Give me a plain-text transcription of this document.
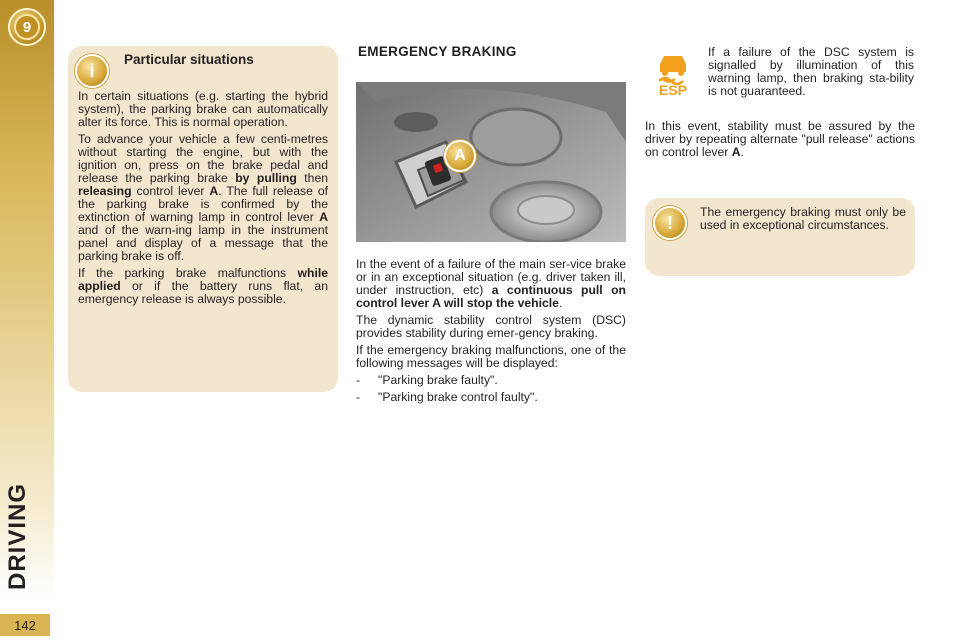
9
DRIVING
142
i
Particular situations

In certain situations (e.g. starting the hybrid system), the parking brake can automatically alter its force. This is normal operation.

To advance your vehicle a few centi-metres without starting the engine, but with the ignition on, press on the brake pedal and release the parking brake by pulling then releasing control lever A. The full release of the parking brake is confirmed by the extinction of warning lamp in control lever A and of the warn-ing lamp in the instrument panel and display of a message that the parking brake is off.

If the parking brake malfunctions while applied or if the battery runs flat, an emergency release is always possible.

EMERGENCY BRAKING
A

In the event of a failure of the main ser-vice brake or in an exceptional situation (e.g. driver taken ill, under instruction, etc) a continuous pull on control lever A will stop the vehicle.

The dynamic stability control system (DSC) provides stability during emer-gency braking.

If the emergency braking malfunctions, one of the following messages will be displayed:

-	"Parking brake faulty".
-	"Parking brake control faulty".
ESP

If a failure of the DSC system is signalled by illumination of this warning lamp, then braking sta-bility is not guaranteed.

In this event, stability must be assured by the driver by repeating alternate "pull release" actions on control lever A.

!

The emergency braking must only be used in exceptional circumstances.
